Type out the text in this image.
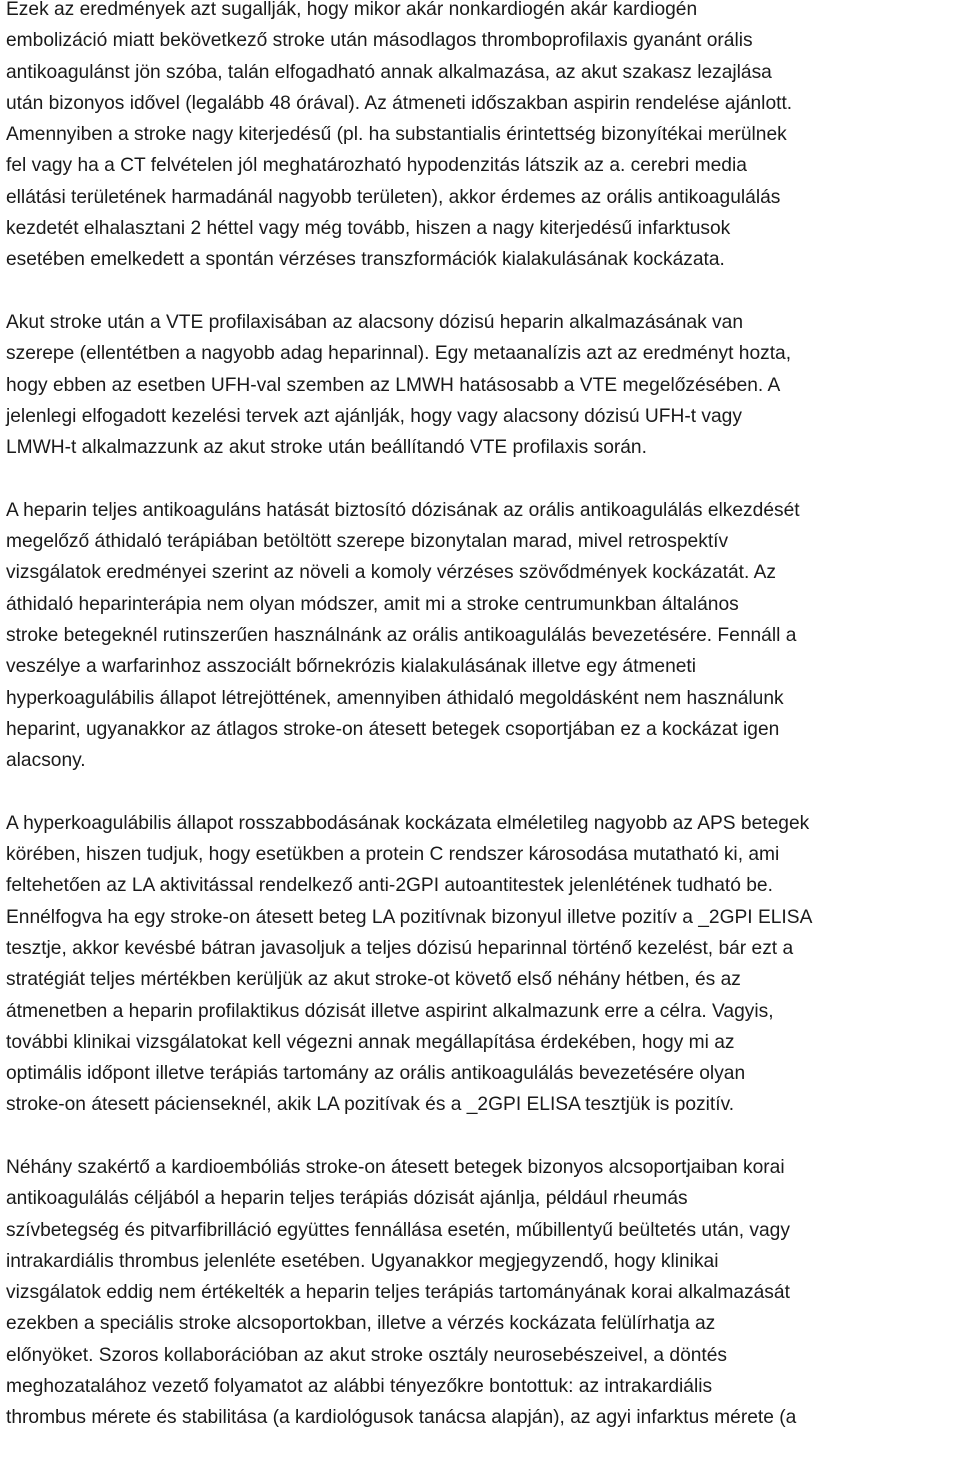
Ezek az eredmények azt sugallják, hogy mikor akár nonkardiogén akár kardiogén
embolizáció miatt bekövetkező stroke után másodlagos thromboprofilaxis gyanánt orális
antikoagulánst jön szóba, talán elfogadható annak alkalmazása, az akut szakasz lezajlása
után bizonyos idővel (legalább 48 órával). Az átmeneti időszakban aspirin rendelése ajánlott.
Amennyiben a stroke nagy kiterjedésű (pl. ha substantialis érintettség bizonyítékai merülnek
fel vagy ha a CT felvételen jól meghatározható hypodenzitás látszik az a. cerebri media
ellátási területének harmadánál nagyobb területen), akkor érdemes az orális antikoagulálás
kezdetét elhalasztani 2 héttel vagy még tovább, hiszen a nagy kiterjedésű infarktusok
esetében emelkedett a spontán vérzéses transzformációk kialakulásának kockázata.

Akut stroke után a VTE profilaxisában az alacsony dózisú heparin alkalmazásának van
szerepe (ellentétben a nagyobb adag heparinnal). Egy metaanalízis azt az eredményt hozta,
hogy ebben az esetben UFH-val szemben az LMWH hatásosabb a VTE megelőzésében. A
jelenlegi elfogadott kezelési tervek azt ajánlják, hogy vagy alacsony dózisú UFH-t vagy
LMWH-t alkalmazzunk az akut stroke után beállítandó VTE profilaxis során.

A heparin teljes antikoaguláns hatását biztosító dózisának az orális antikoagulálás elkezdését
megelőző áthidaló terápiában betöltött szerepe bizonytalan marad, mivel retrospektív
vizsgálatok eredményei szerint az növeli a komoly vérzéses szövődmények kockázatát. Az
áthidaló heparinterápia nem olyan módszer, amit mi a stroke centrumunkban általános
stroke betegeknél rutinszerűen használnánk az orális antikoagulálás bevezetésére. Fennáll a
veszélye a warfarinhoz asszociált bőrnekrózis kialakulásának illetve egy átmeneti
hyperkoagulábilis állapot létrejöttének, amennyiben áthidaló megoldásként nem használunk
heparint, ugyanakkor az átlagos stroke-on átesett betegek csoportjában ez a kockázat igen
alacsony.

A hyperkoagulábilis állapot rosszabbodásának kockázata elméletileg nagyobb az APS betegek
körében, hiszen tudjuk, hogy esetükben a protein C rendszer károsodása mutatható ki, ami
feltehetően az LA aktivitással rendelkező anti-2GPI autoantitestek jelenlétének tudható be.
Ennélfogva ha egy stroke-on átesett beteg LA pozitívnak bizonyul illetve pozitív a _2GPI ELISA
tesztje, akkor kevésbé bátran javasoljuk a teljes dózisú heparinnal történő kezelést, bár ezt a
stratégiát teljes mértékben kerüljük az akut stroke-ot követő első néhány hétben, és az
átmenetben a heparin profilaktikus dózisát illetve aspirint alkalmazunk erre a célra. Vagyis,
további klinikai vizsgálatokat kell végezni annak megállapítása érdekében, hogy mi az
optimális időpont illetve terápiás tartomány az orális antikoagulálás bevezetésére olyan
stroke-on átesett pácienseknél, akik LA pozitívak és a _2GPI ELISA tesztjük is pozitív.

Néhány szakértő a kardioembóliás stroke-on átesett betegek bizonyos alcsoportjaiban korai
antikoagulálás céljából a heparin teljes terápiás dózisát ajánlja, például rheumás
szívbetegség és pitvarfibrilláció együttes fennállása esetén, műbillentyű beültetés után, vagy
intrakardiális thrombus jelenléte esetében. Ugyanakkor megjegyzendő, hogy klinikai
vizsgálatok eddig nem értékelték a heparin teljes terápiás tartományának korai alkalmazását
ezekben a speciális stroke alcsoportokban, illetve a vérzés kockázata felülírhatja az
előnyöket. Szoros kollaborációban az akut stroke osztály neurosebészeivel, a döntés
meghozatalához vezető folyamatot az alábbi tényezőkre bontottuk: az intrakardiális
thrombus mérete és stabilitása (a kardiológusok tanácsa alapján), az agyi infarktus mérete (a
